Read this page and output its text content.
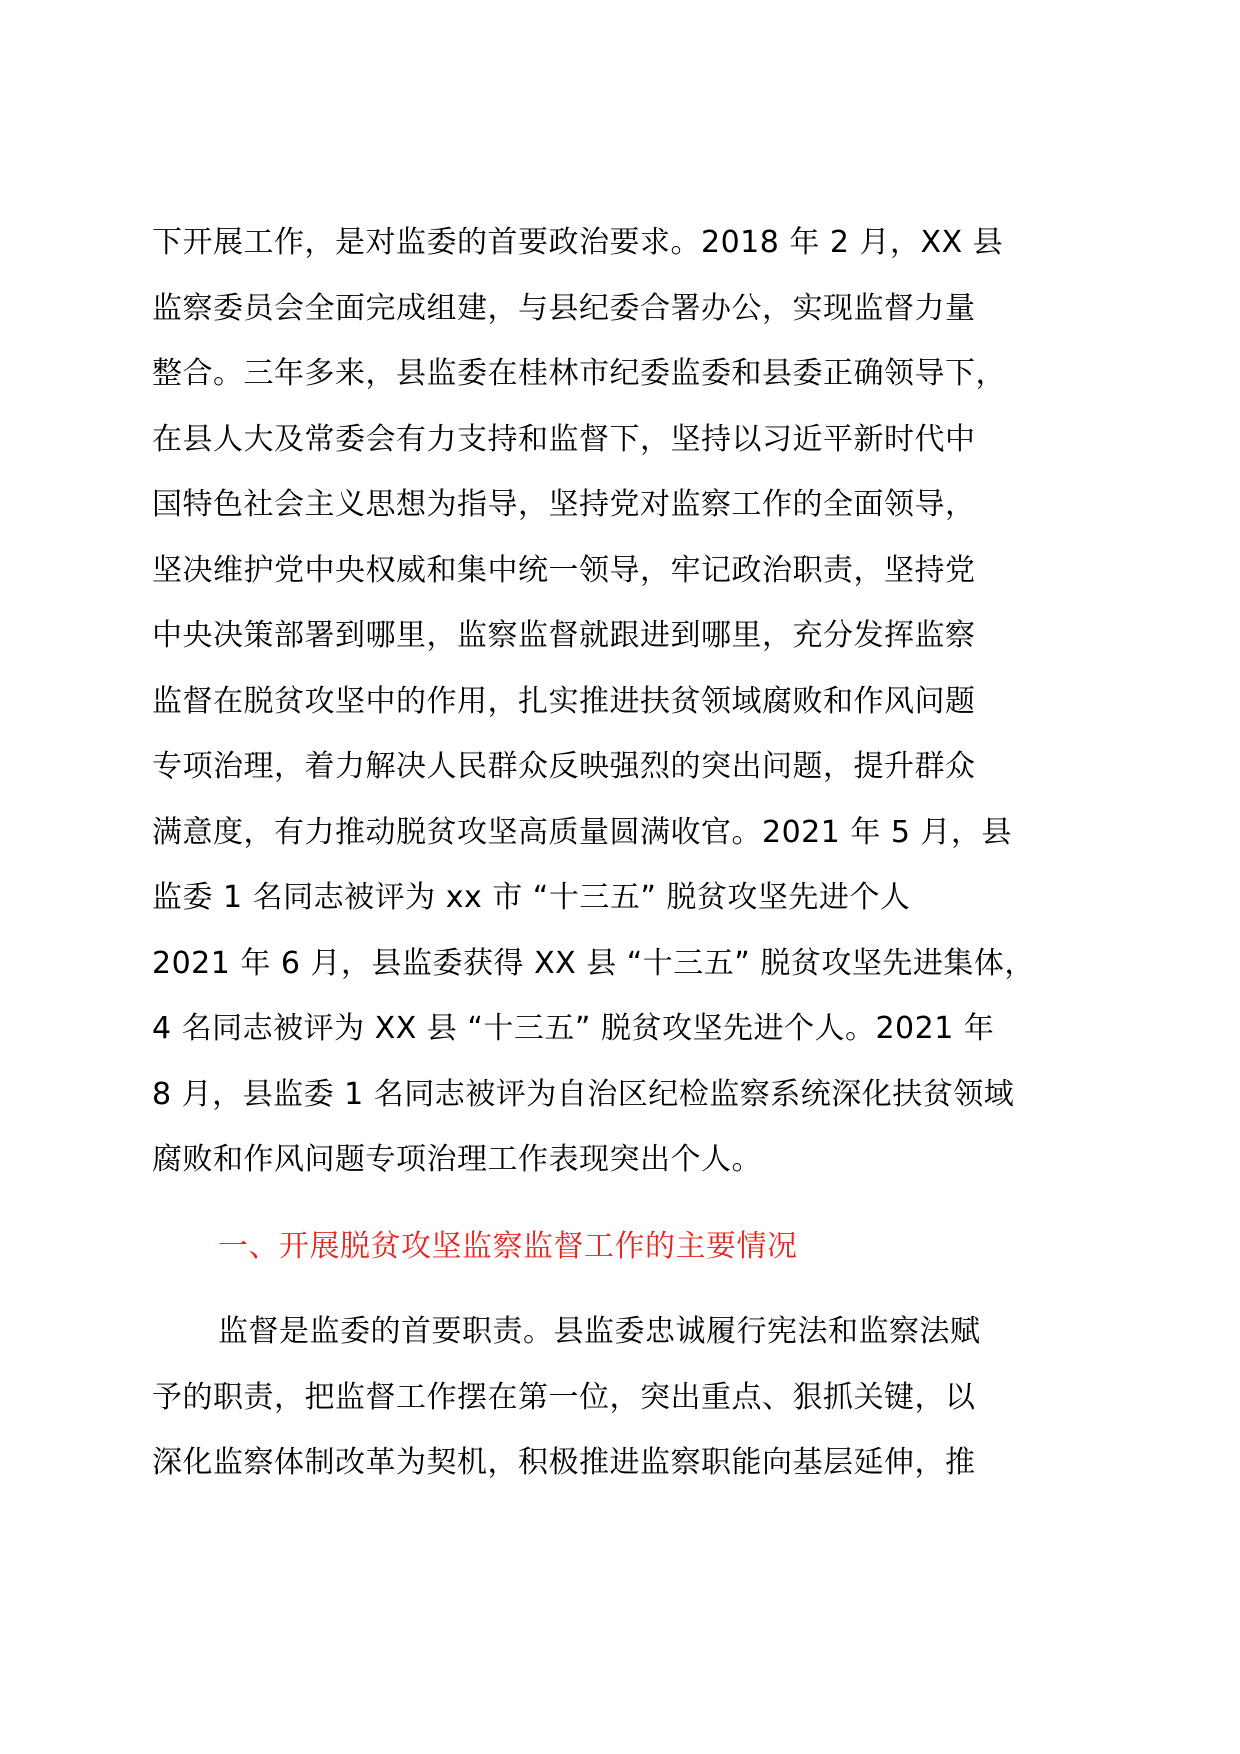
下开展工作，是对监委的首要政治要求。2018 年 2 月，XX 县
监察委员会全面完成组建，与县纪委合署办公，实现监督力量
整合。三年多来，县监委在桂林市纪委监委和县委正确领导下，
在县人大及常委会有力支持和监督下，坚持以习近平新时代中
国特色社会主义思想为指导，坚持党对监察工作的全面领导，
坚决维护党中央权威和集中统一领导，牢记政治职责，坚持党
中央决策部署到哪里，监察监督就跟进到哪里，充分发挥监察
监督在脱贫攻坚中的作用，扎实推进扶贫领域腐败和作风问题
专项治理，着力解决人民群众反映强烈的突出问题，提升群众
满意度，有力推动脱贫攻坚高质量圆满收官。2021 年 5 月，县
监委 1 名同志被评为 xx 市 “十三五” 脱贫攻坚先进个人
2021 年 6 月，县监委获得 XX 县 “十三五” 脱贫攻坚先进集体，
4 名同志被评为 XX 县 “十三五” 脱贫攻坚先进个人。2021 年
8 月，县监委 1 名同志被评为自治区纪检监察系统深化扶贫领域
腐败和作风问题专项治理工作表现突出个人。
一、开展脱贫攻坚监察监督工作的主要情况
监督是监委的首要职责。县监委忠诚履行宪法和监察法赋
予的职责，把监督工作摆在第一位，突出重点、狠抓关键，以
深化监察体制改革为契机，积极推进监察职能向基层延伸，推
